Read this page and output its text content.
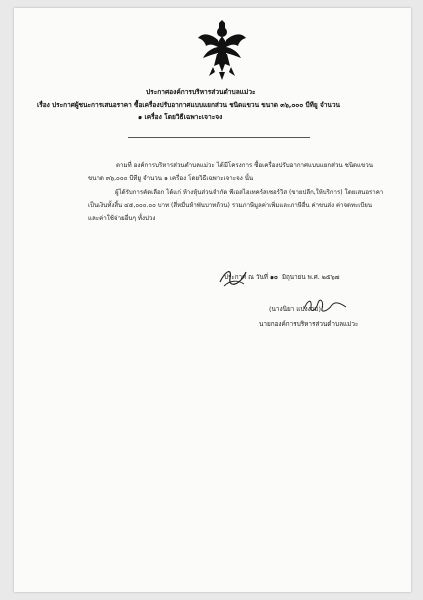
ประกาศองค์การบริหารส่วนตำบลแม่วะ
เรื่อง ประกาศผู้ชนะการเสนอราคา ซื้อเครื่องปรับอากาศแบบแยกส่วน ชนิดแขวน ขนาด ๓๖,๐๐๐ บีทียู จำนวน
๑ เครื่อง โดยวิธีเฉพาะเจาะจง
ตามที่ องค์การบริหารส่วนตำบลแม่วะ ได้มีโครงการ ซื้อเครื่องปรับอากาศแบบแยกส่วน ชนิดแขวน
ขนาด ๓๖,๐๐๐ บีทียู จำนวน ๑ เครื่อง โดยวิธีเฉพาะเจาะจง นั้น
ผู้ได้รับการคัดเลือก ได้แก่ ห้างหุ้นส่วนจำกัด พีเอสไฮเทคร์สเซอร์วิส (ขายปลีก,ให้บริการ) โดยเสนอราคา
เป็นเงินทั้งสิ้น ๔๕,๐๐๐.๐๐ บาท (สี่หมื่นห้าพันบาทถ้วน) รวมภาษีมูลค่าเพิ่มและภาษีอื่น ค่าขนส่ง ค่าจดทะเบียน
และค่าใช้จ่ายอื่นๆ ทั้งปวง
ประกาศ ณ วันที่ ๑๐ มิถุนายน พ.ศ. ๒๕๖๗
(นางนิยา แปงงาม)
นายกองค์การบริหารส่วนตำบลแม่วะ
